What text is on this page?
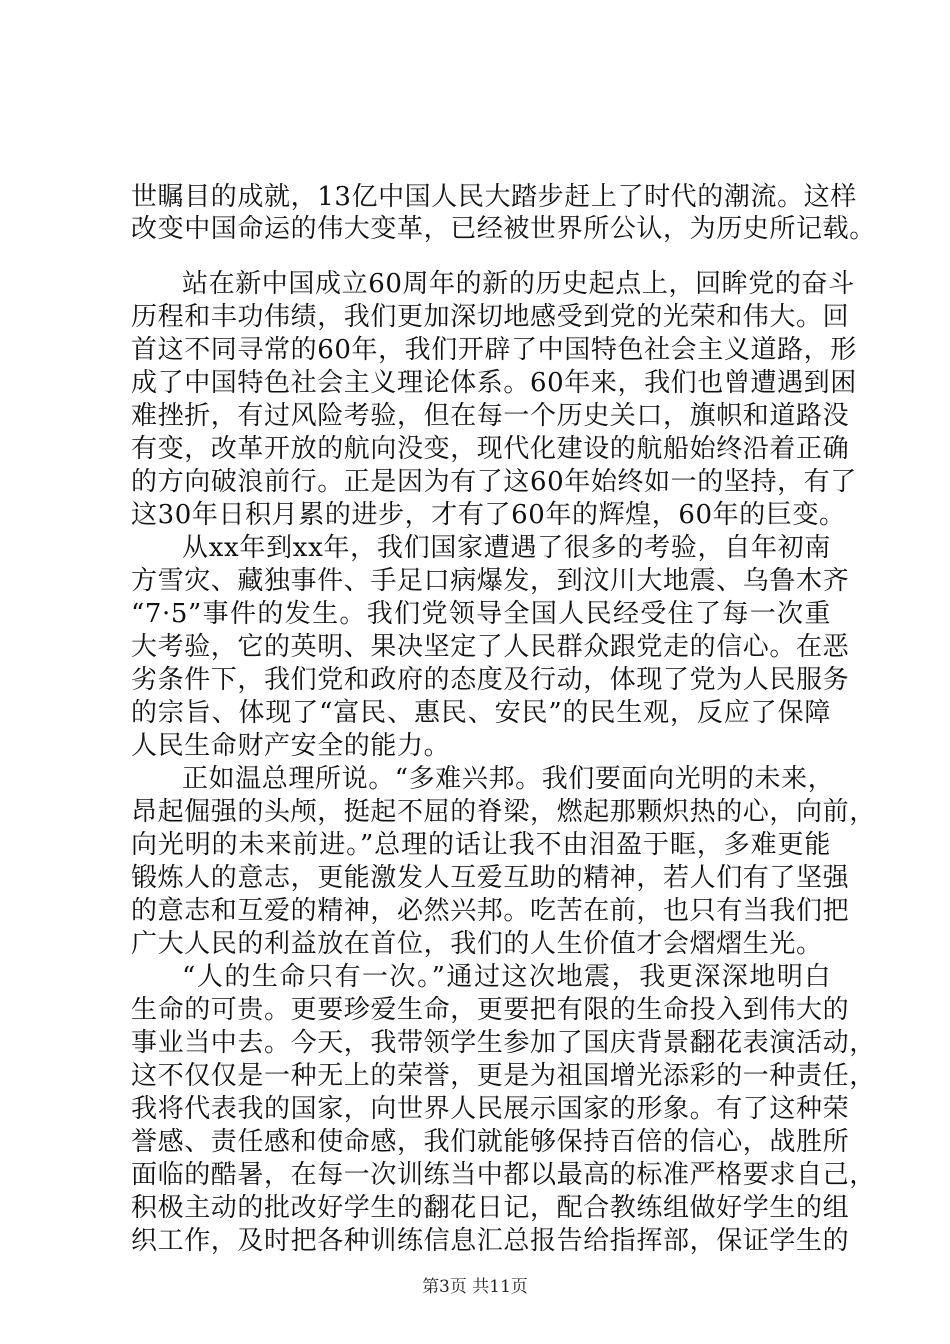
世瞩目的成就，13亿中国人民大踏步赶上了时代的潮流。这样
改变中国命运的伟大变革，已经被世界所公认，为历史所记载。
站在新中国成立60周年的新的历史起点上，回眸党的奋斗
历程和丰功伟绩，我们更加深切地感受到党的光荣和伟大。回
首这不同寻常的60年，我们开辟了中国特色社会主义道路，形
成了中国特色社会主义理论体系。60年来，我们也曾遭遇到困
难挫折，有过风险考验，但在每一个历史关口，旗帜和道路没
有变，改革开放的航向没变，现代化建设的航船始终沿着正确
的方向破浪前行。正是因为有了这60年始终如一的坚持，有了
这30年日积月累的进步，才有了60年的辉煌，60年的巨变。
从xx年到xx年，我们国家遭遇了很多的考验，自年初南
方雪灾、藏独事件、手足口病爆发，到汶川大地震、乌鲁木齐
“7·5”事件的发生。我们党领导全国人民经受住了每一次重
大考验，它的英明、果决坚定了人民群众跟党走的信心。在恶
劣条件下，我们党和政府的态度及行动，体现了党为人民服务
的宗旨、体现了“富民、惠民、安民”的民生观，反应了保障
人民生命财产安全的能力。
正如温总理所说。“多难兴邦。我们要面向光明的未来，
昂起倔强的头颅，挺起不屈的脊梁，燃起那颗炽热的心，向前，
向光明的未来前进。”总理的话让我不由泪盈于眶，多难更能
锻炼人的意志，更能激发人互爱互助的精神，若人们有了坚强
的意志和互爱的精神，必然兴邦。吃苦在前，也只有当我们把
广大人民的利益放在首位，我们的人生价值才会熠熠生光。
“人的生命只有一次。”通过这次地震，我更深深地明白
生命的可贵。更要珍爱生命，更要把有限的生命投入到伟大的
事业当中去。今天，我带领学生参加了国庆背景翻花表演活动，
这不仅仅是一种无上的荣誉，更是为祖国增光添彩的一种责任，
我将代表我的国家，向世界人民展示国家的形象。有了这种荣
誉感、责任感和使命感，我们就能够保持百倍的信心，战胜所
面临的酷暑，在每一次训练当中都以最高的标准严格要求自己，
积极主动的批改好学生的翻花日记，配合教练组做好学生的组
织工作，及时把各种训练信息汇总报告给指挥部，保证学生的
第3页 共11页
